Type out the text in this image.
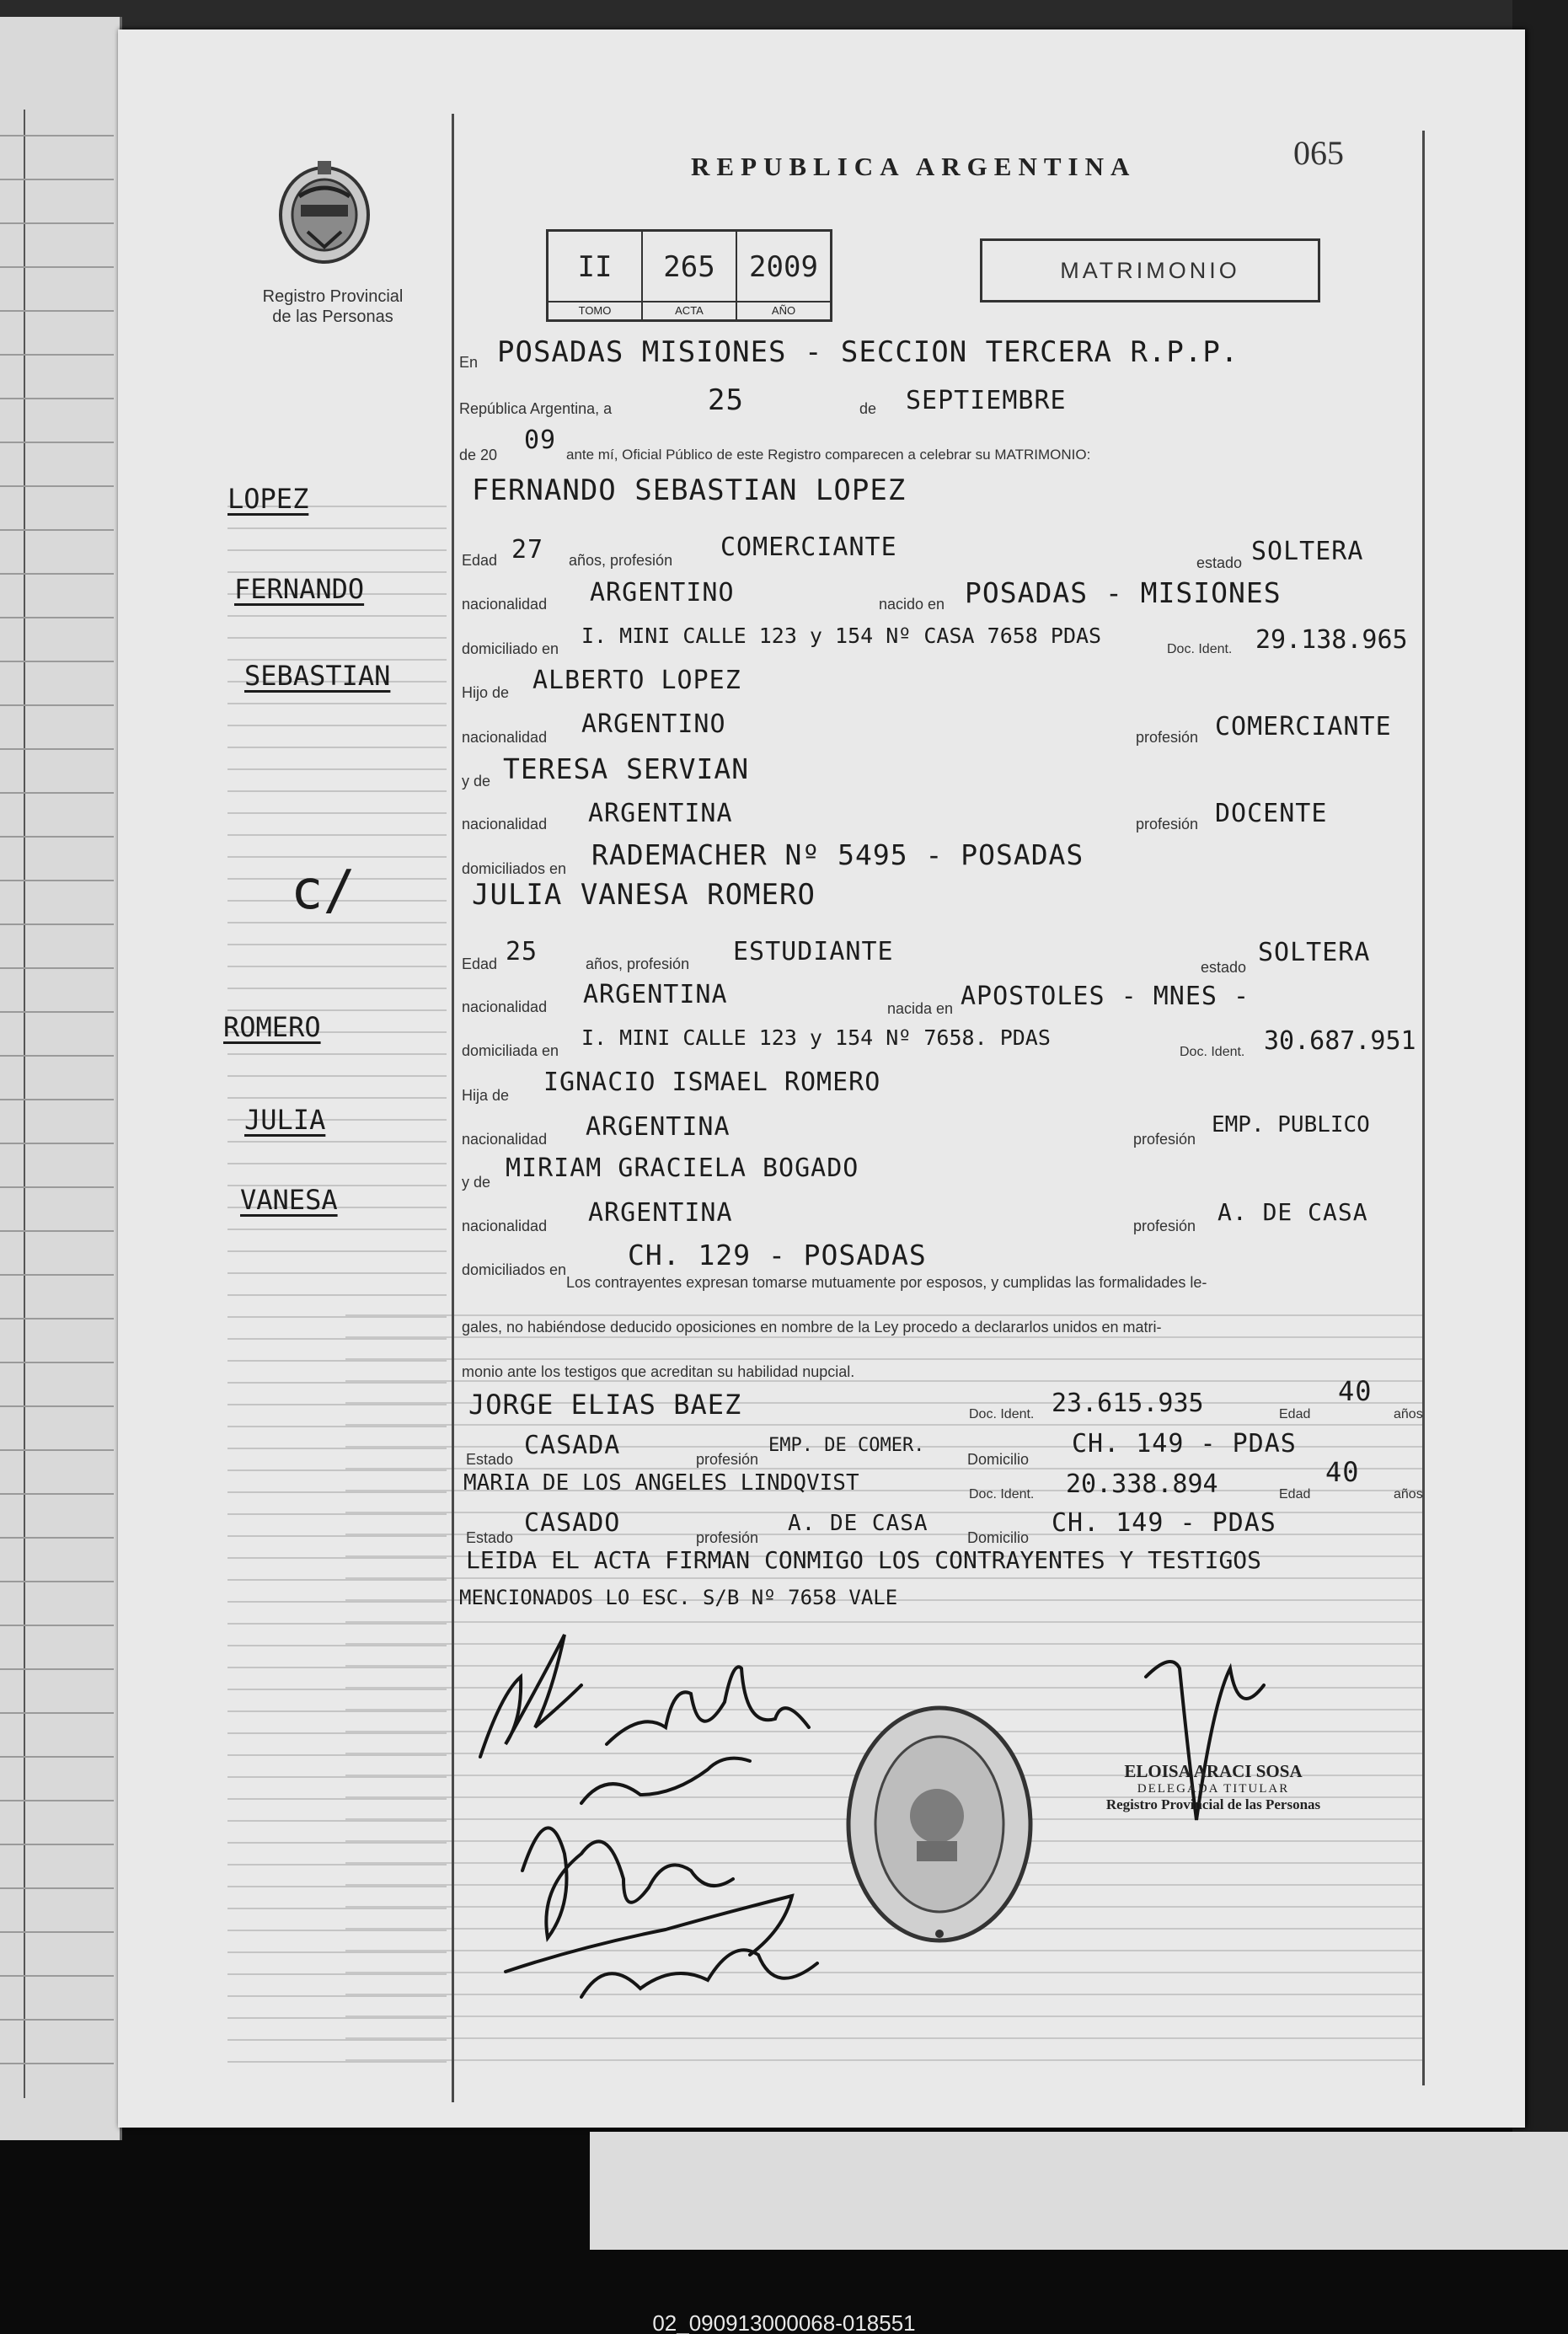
Registro Provincial
de las Personas
REPUBLICA ARGENTINA	065
II
TOMO
265
ACTA
2009
AÑO
MATRIMONIO
LOPEZ
FERNANDO
SEBASTIAN
c/
ROMERO
JULIA
VANESA
En POSADAS MISIONES - SECCION TERCERA R.P.P.
República Argentina, a	25	de SEPTIEMBRE
de 20 09 ante mí, Oficial Público de este Registro comparecen a celebrar su MATRIMONIO:
FERNANDO SEBASTIAN LOPEZ
Edad 27 años, profesión COMERCIANTE
estado SOLTERA
nacionalidad ARGENTINO	nacido en POSADAS - MISIONES
domiciliado en
I. MINI CALLE 123 y 154 Nº CASA 7658 PDAS
Doc. Ident. 29.138.965
Hijo de ALBERTO LOPEZ
nacionalidad ARGENTINO	profesión COMERCIANTE
y de TERESA SERVIAN
nacionalidad ARGENTINA	profesión DOCENTE
domiciliados en RADEMACHER Nº 5495 - POSADAS
JULIA VANESA ROMERO
Edad 25	años, profesión ESTUDIANTE
estado SOLTERA
nacionalidad ARGENTINA	nacida en APOSTOLES - MNES -
domiciliada en
I. MINI CALLE 123 y 154 Nº 7658. PDAS
Doc. Ident. 30.687.951
Hija de IGNACIO ISMAEL ROMERO
nacionalidad ARGENTINA	profesión
EMP. PUBLICO
y de MIRIAM GRACIELA BOGADO
nacionalidad ARGENTINA	profesión A. DE CASA
domiciliados en CH. 129 - POSADAS
Los contrayentes expresan tomarse mutuamente por esposos, y cumplidas las formalidades le-
gales, no habiéndose deducido oposiciones en nombre de la Ley procedo a declararlos unidos en matri-
monio ante los testigos que acreditan su habilidad nupcial.
JORGE ELIAS BAEZ	Doc. Ident. 23.615.935	Edad
40
años
Estado CASADA	profesión
EMP. DE COMER.
Domicilio
CH. 149 - PDAS
MARIA DE LOS ANGELES LINDQVIST	Doc. Ident. 20.338.894	Edad
40
años
Estado CASADO	profesión
A. DE CASA
Domicilio CH. 149 - PDAS
LEIDA EL ACTA FIRMAN CONMIGO LOS CONTRAYENTES Y TESTIGOS
MENCIONADOS LO ESC. S/B Nº 7658 VALE
ELOISA ARACI SOSA
DELEGADA TITULAR
Registro Provincial de las Personas
02_090913000068-018551
